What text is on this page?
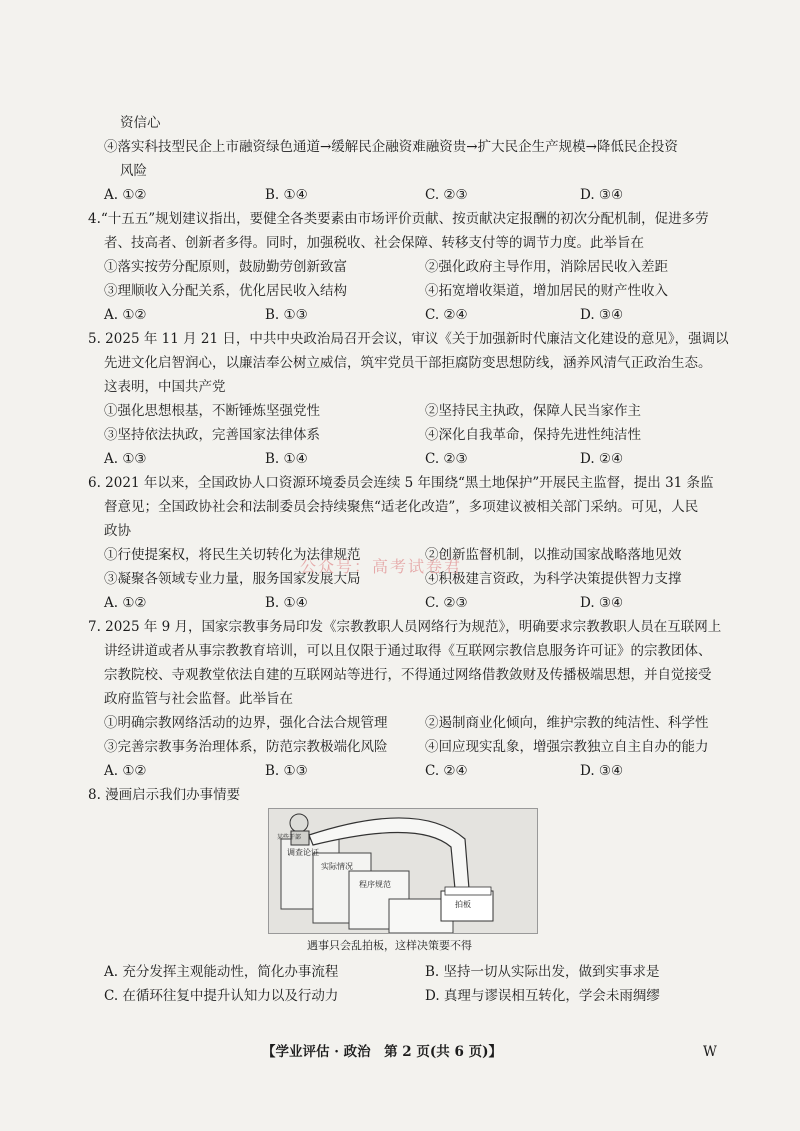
资信心
④落实科技型民企上市融资绿色通道→缓解民企融资难融资贵→扩大民企生产规模→降低民企投资
风险
A. ①②	B. ①④	C. ②③	D. ③④
4.“十五五”规划建议指出，要健全各类要素由市场评价贡献、按贡献决定报酬的初次分配机制，促进多劳
者、技高者、创新者多得。同时，加强税收、社会保障、转移支付等的调节力度。此举旨在
①落实按劳分配原则，鼓励勤劳创新致富	②强化政府主导作用，消除居民收入差距
③理顺收入分配关系，优化居民收入结构	④拓宽增收渠道，增加居民的财产性收入
A. ①②	B. ①③	C. ②④	D. ③④
5. 2025 年 11 月 21 日，中共中央政治局召开会议，审议《关于加强新时代廉洁文化建设的意见》，强调以
先进文化启智润心，以廉洁奉公树立威信，筑牢党员干部拒腐防变思想防线，涵养风清气正政治生态。
这表明，中国共产党
①强化思想根基，不断锤炼坚强党性	②坚持民主执政，保障人民当家作主
③坚持依法执政，完善国家法律体系	④深化自我革命，保持先进性纯洁性
A. ①③	B. ①④	C. ②③	D. ②④
6. 2021 年以来，全国政协人口资源环境委员会连续 5 年围绕“黑土地保护”开展民主监督，提出 31 条监
督意见；全国政协社会和法制委员会持续聚焦“适老化改造”，多项建议被相关部门采纳。可见，人民
政协
①行使提案权，将民生关切转化为法律规范	②创新监督机制，以推动国家战略落地见效
③凝聚各领域专业力量，服务国家发展大局	④积极建言资政，为科学决策提供智力支撑
A. ①②	B. ①④	C. ②③	D. ③④
公众号：高考试卷君
7. 2025 年 9 月，国家宗教事务局印发《宗教教职人员网络行为规范》，明确要求宗教教职人员在互联网上
讲经讲道或者从事宗教教育培训，可以且仅限于通过取得《互联网宗教信息服务许可证》的宗教团体、
宗教院校、寺观教堂依法自建的互联网站等进行，不得通过网络借教敛财及传播极端思想，并自觉接受
政府监管与社会监督。此举旨在
①明确宗教网络活动的边界，强化合法合规管理	②遏制商业化倾向，维护宗教的纯洁性、科学性
③完善宗教事务治理体系，防范宗教极端化风险	④回应现实乱象，增强宗教独立自主自办的能力
A. ①②	B. ①③	C. ②④	D. ③④
8. 漫画启示我们办事情要
某些干部
调查论证
实际情况
程序规范
拍板
遇事只会乱拍板，这样决策要不得
A. 充分发挥主观能动性，简化办事流程	B. 坚持一切从实际出发，做到实事求是
C. 在循环往复中提升认知力以及行动力	D. 真理与谬误相互转化，学会未雨绸缪
【学业评估 · 政治　第 2 页(共 6 页)】	W
